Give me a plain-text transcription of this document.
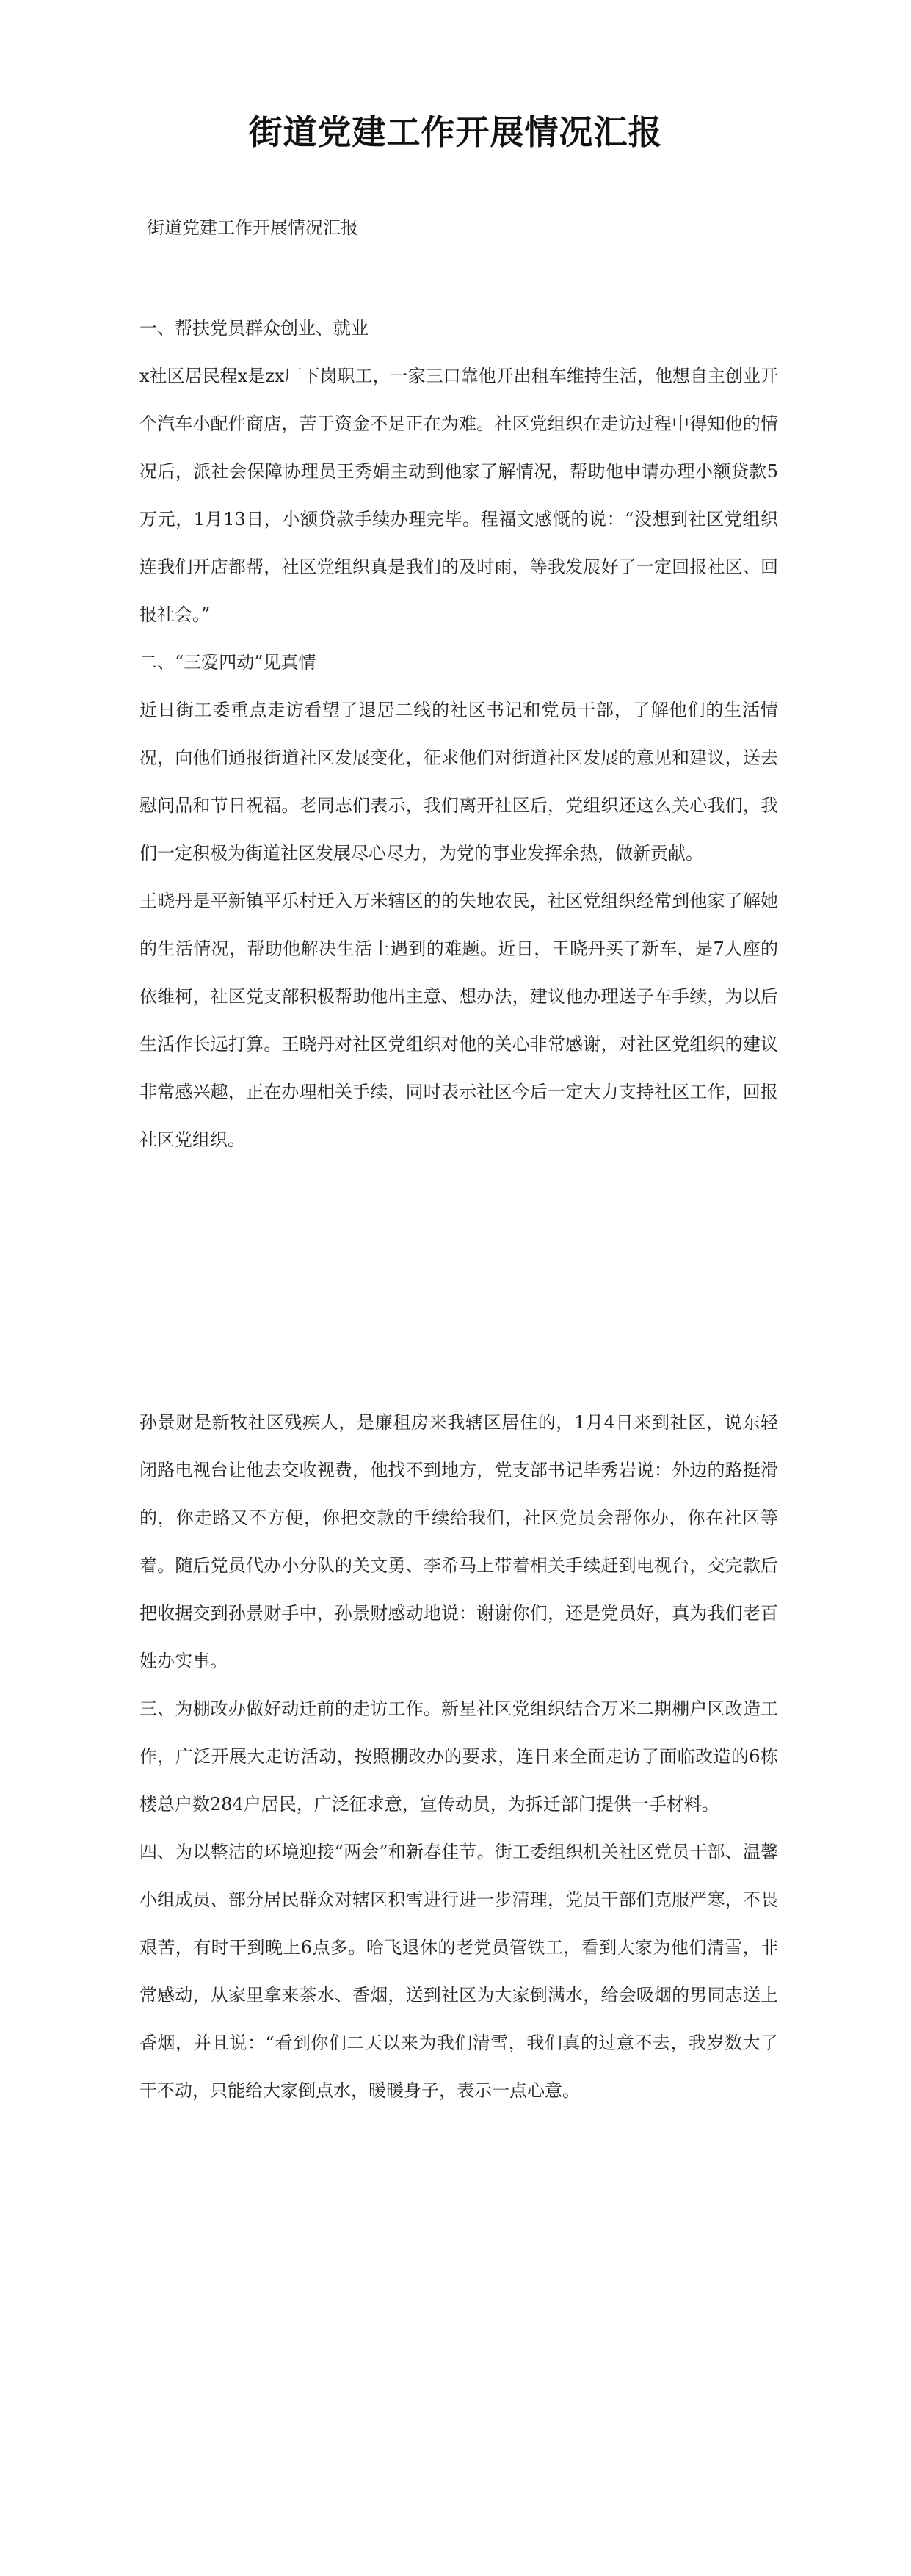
街道党建工作开展情况汇报
街道党建工作开展情况汇报

一、帮扶党员群众创业、就业

x社区居民程x是zx厂下岗职工，一家三口靠他开出租车维持生活，他想自主创业开个汽车小配件商店，苦于资金不足正在为难。社区党组织在走访过程中得知他的情况后，派社会保障协理员王秀娟主动到他家了解情况，帮助他申请办理小额贷款5万元，1月13日，小额贷款手续办理完毕。程福文感慨的说：“没想到社区党组织连我们开店都帮，社区党组织真是我们的及时雨，等我发展好了一定回报社区、回报社会。”

二、“三爱四动”见真情

近日街工委重点走访看望了退居二线的社区书记和党员干部，了解他们的生活情况，向他们通报街道社区发展变化，征求他们对街道社区发展的意见和建议，送去慰问品和节日祝福。老同志们表示，我们离开社区后，党组织还这么关心我们，我们一定积极为街道社区发展尽心尽力，为党的事业发挥余热，做新贡献。

王晓丹是平新镇平乐村迁入万米辖区的的失地农民，社区党组织经常到他家了解她的生活情况，帮助他解决生活上遇到的难题。近日，王晓丹买了新车，是7人座的依维柯，社区党支部积极帮助他出主意、想办法，建议他办理送子车手续，为以后生活作长远打算。王晓丹对社区党组织对他的关心非常感谢，对社区党组织的建议非常感兴趣，正在办理相关手续，同时表示社区今后一定大力支持社区工作，回报社区党组织。

孙景财是新牧社区残疾人，是廉租房来我辖区居住的，1月4日来到社区，说东轻闭路电视台让他去交收视费，他找不到地方，党支部书记毕秀岩说：外边的路挺滑的，你走路又不方便，你把交款的手续给我们，社区党员会帮你办，你在社区等着。随后党员代办小分队的关文勇、李希马上带着相关手续赶到电视台，交完款后把收据交到孙景财手中，孙景财感动地说：谢谢你们，还是党员好，真为我们老百姓办实事。

三、为棚改办做好动迁前的走访工作。新星社区党组织结合万米二期棚户区改造工作，广泛开展大走访活动，按照棚改办的要求，连日来全面走访了面临改造的6栋楼总户数284户居民，广泛征求意，宣传动员，为拆迁部门提供一手材料。

四、为以整洁的环境迎接“两会”和新春佳节。街工委组织机关社区党员干部、温馨小组成员、部分居民群众对辖区积雪进行进一步清理，党员干部们克服严寒，不畏艰苦，有时干到晚上6点多。哈飞退休的老党员管铁工，看到大家为他们清雪，非常感动，从家里拿来茶水、香烟，送到社区为大家倒满水，给会吸烟的男同志送上香烟，并且说：“看到你们二天以来为我们清雪，我们真的过意不去，我岁数大了干不动，只能给大家倒点水，暖暖身子，表示一点心意。
